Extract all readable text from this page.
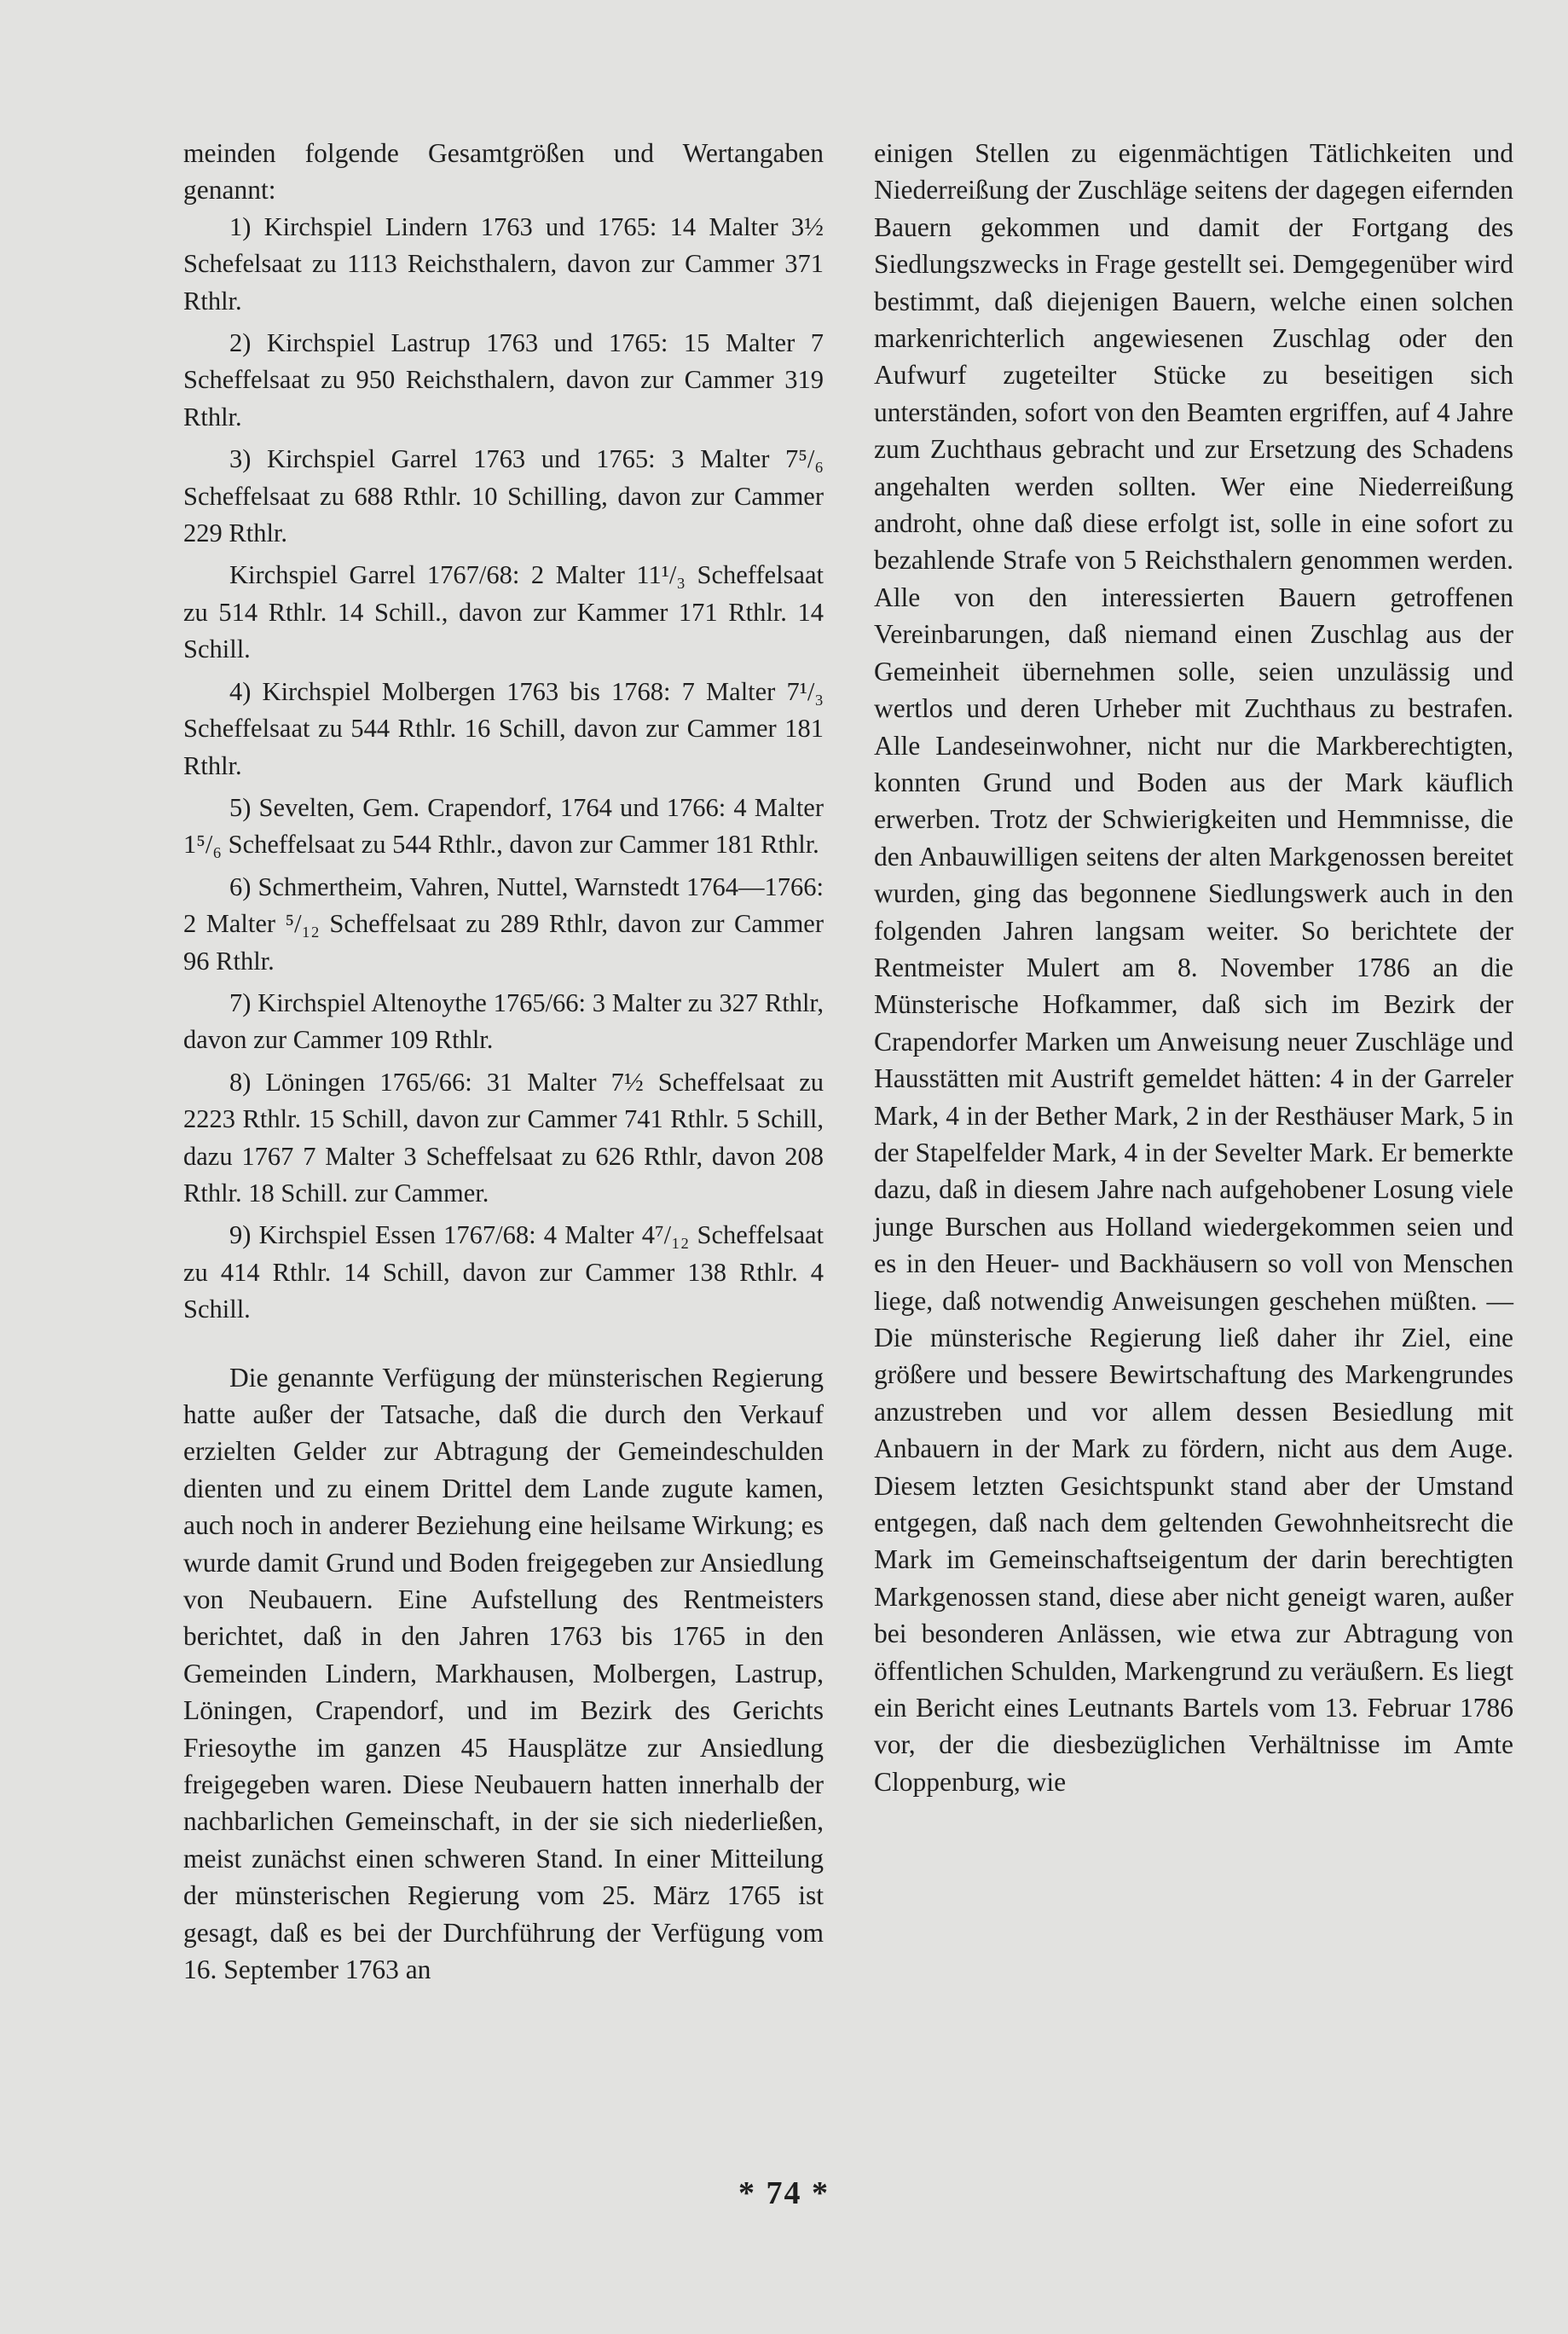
meinden folgende Gesamtgrößen und Wertangaben genannt:

1) Kirchspiel Lindern 1763 und 1765: 14 Malter 3½ Schefelsaat zu 1113 Reichsthalern, davon zur Cammer 371 Rthlr.

2) Kirchspiel Lastrup 1763 und 1765: 15 Malter 7 Scheffelsaat zu 950 Reichsthalern, davon zur Cammer 319 Rthlr.

3) Kirchspiel Garrel 1763 und 1765: 3 Malter 7⁵/₆ Scheffelsaat zu 688 Rthlr. 10 Schilling, davon zur Cammer 229 Rthlr.

Kirchspiel Garrel 1767/68: 2 Malter 11¹/₃ Scheffelsaat zu 514 Rthlr. 14 Schill., davon zur Kammer 171 Rthlr. 14 Schill.

4) Kirchspiel Molbergen 1763 bis 1768: 7 Malter 7¹/₃ Scheffelsaat zu 544 Rthlr. 16 Schill, davon zur Cammer 181 Rthlr.

5) Sevelten, Gem. Crapendorf, 1764 und 1766: 4 Malter 1⁵/₆ Scheffelsaat zu 544 Rthlr., davon zur Cammer 181 Rthlr.

6) Schmertheim, Vahren, Nuttel, Warnstedt 1764—1766: 2 Malter ⁵/₁₂ Scheffelsaat zu 289 Rthlr, davon zur Cammer 96 Rthlr.

7) Kirchspiel Altenoythe 1765/66: 3 Malter zu 327 Rthlr, davon zur Cammer 109 Rthlr.

8) Löningen 1765/66: 31 Malter 7½ Scheffelsaat zu 2223 Rthlr. 15 Schill, davon zur Cammer 741 Rthlr. 5 Schill, dazu 1767 7 Malter 3 Scheffelsaat zu 626 Rthlr, davon 208 Rthlr. 18 Schill. zur Cammer.

9) Kirchspiel Essen 1767/68: 4 Malter 4⁷/₁₂ Scheffelsaat zu 414 Rthlr. 14 Schill, davon zur Cammer 138 Rthlr. 4 Schill.

Die genannte Verfügung der münsterischen Regierung hatte außer der Tatsache, daß die durch den Verkauf erzielten Gelder zur Abtragung der Gemeindeschulden dienten und zu einem Drittel dem Lande zugute kamen, auch noch in anderer Beziehung eine heilsame Wirkung; es wurde damit Grund und Boden freigegeben zur Ansiedlung von Neubauern. Eine Aufstellung des Rentmeisters berichtet, daß in den Jahren 1763 bis 1765 in den Gemeinden Lindern, Markhausen, Molbergen, Lastrup, Löningen, Crapendorf, und im Bezirk des Gerichts Friesoythe im ganzen 45 Hausplätze zur Ansiedlung freigegeben waren. Diese Neubauern hatten innerhalb der nachbarlichen Gemeinschaft, in der sie sich niederließen, meist zunächst einen schweren Stand. In einer Mitteilung der münsterischen Regierung vom 25. März 1765 ist gesagt, daß es bei der Durchführung der Verfügung vom 16. September 1763 an

einigen Stellen zu eigenmächtigen Tätlichkeiten und Niederreißung der Zuschläge seitens der dagegen eifernden Bauern gekommen und damit der Fortgang des Siedlungszwecks in Frage gestellt sei. Demgegenüber wird bestimmt, daß diejenigen Bauern, welche einen solchen markenrichterlich angewiesenen Zuschlag oder den Aufwurf zugeteilter Stücke zu beseitigen sich unterständen, sofort von den Beamten ergriffen, auf 4 Jahre zum Zuchthaus gebracht und zur Ersetzung des Schadens angehalten werden sollten. Wer eine Niederreißung androht, ohne daß diese erfolgt ist, solle in eine sofort zu bezahlende Strafe von 5 Reichsthalern genommen werden. Alle von den interessierten Bauern getroffenen Vereinbarungen, daß niemand einen Zuschlag aus der Gemeinheit übernehmen solle, seien unzulässig und wertlos und deren Urheber mit Zuchthaus zu bestrafen. Alle Landeseinwohner, nicht nur die Markberechtigten, konnten Grund und Boden aus der Mark käuflich erwerben. Trotz der Schwierigkeiten und Hemmnisse, die den Anbauwilligen seitens der alten Markgenossen bereitet wurden, ging das begonnene Siedlungswerk auch in den folgenden Jahren langsam weiter. So berichtete der Rentmeister Mulert am 8. November 1786 an die Münsterische Hofkammer, daß sich im Bezirk der Crapendorfer Marken um Anweisung neuer Zuschläge und Hausstätten mit Austrift gemeldet hätten: 4 in der Garreler Mark, 4 in der Bether Mark, 2 in der Resthäuser Mark, 5 in der Stapelfelder Mark, 4 in der Sevelter Mark. Er bemerkte dazu, daß in diesem Jahre nach aufgehobener Losung viele junge Burschen aus Holland wiedergekommen seien und es in den Heuer- und Backhäusern so voll von Menschen liege, daß notwendig Anweisungen geschehen müßten. — Die münsterische Regierung ließ daher ihr Ziel, eine größere und bessere Bewirtschaftung des Markengrundes anzustreben und vor allem dessen Besiedlung mit Anbauern in der Mark zu fördern, nicht aus dem Auge. Diesem letzten Gesichtspunkt stand aber der Umstand entgegen, daß nach dem geltenden Gewohnheitsrecht die Mark im Gemeinschaftseigentum der darin berechtigten Markgenossen stand, diese aber nicht geneigt waren, außer bei besonderen Anlässen, wie etwa zur Abtragung von öffentlichen Schulden, Markengrund zu veräußern. Es liegt ein Bericht eines Leutnants Bartels vom 13. Februar 1786 vor, der die diesbezüglichen Verhältnisse im Amte Cloppenburg, wie

* 74 *
